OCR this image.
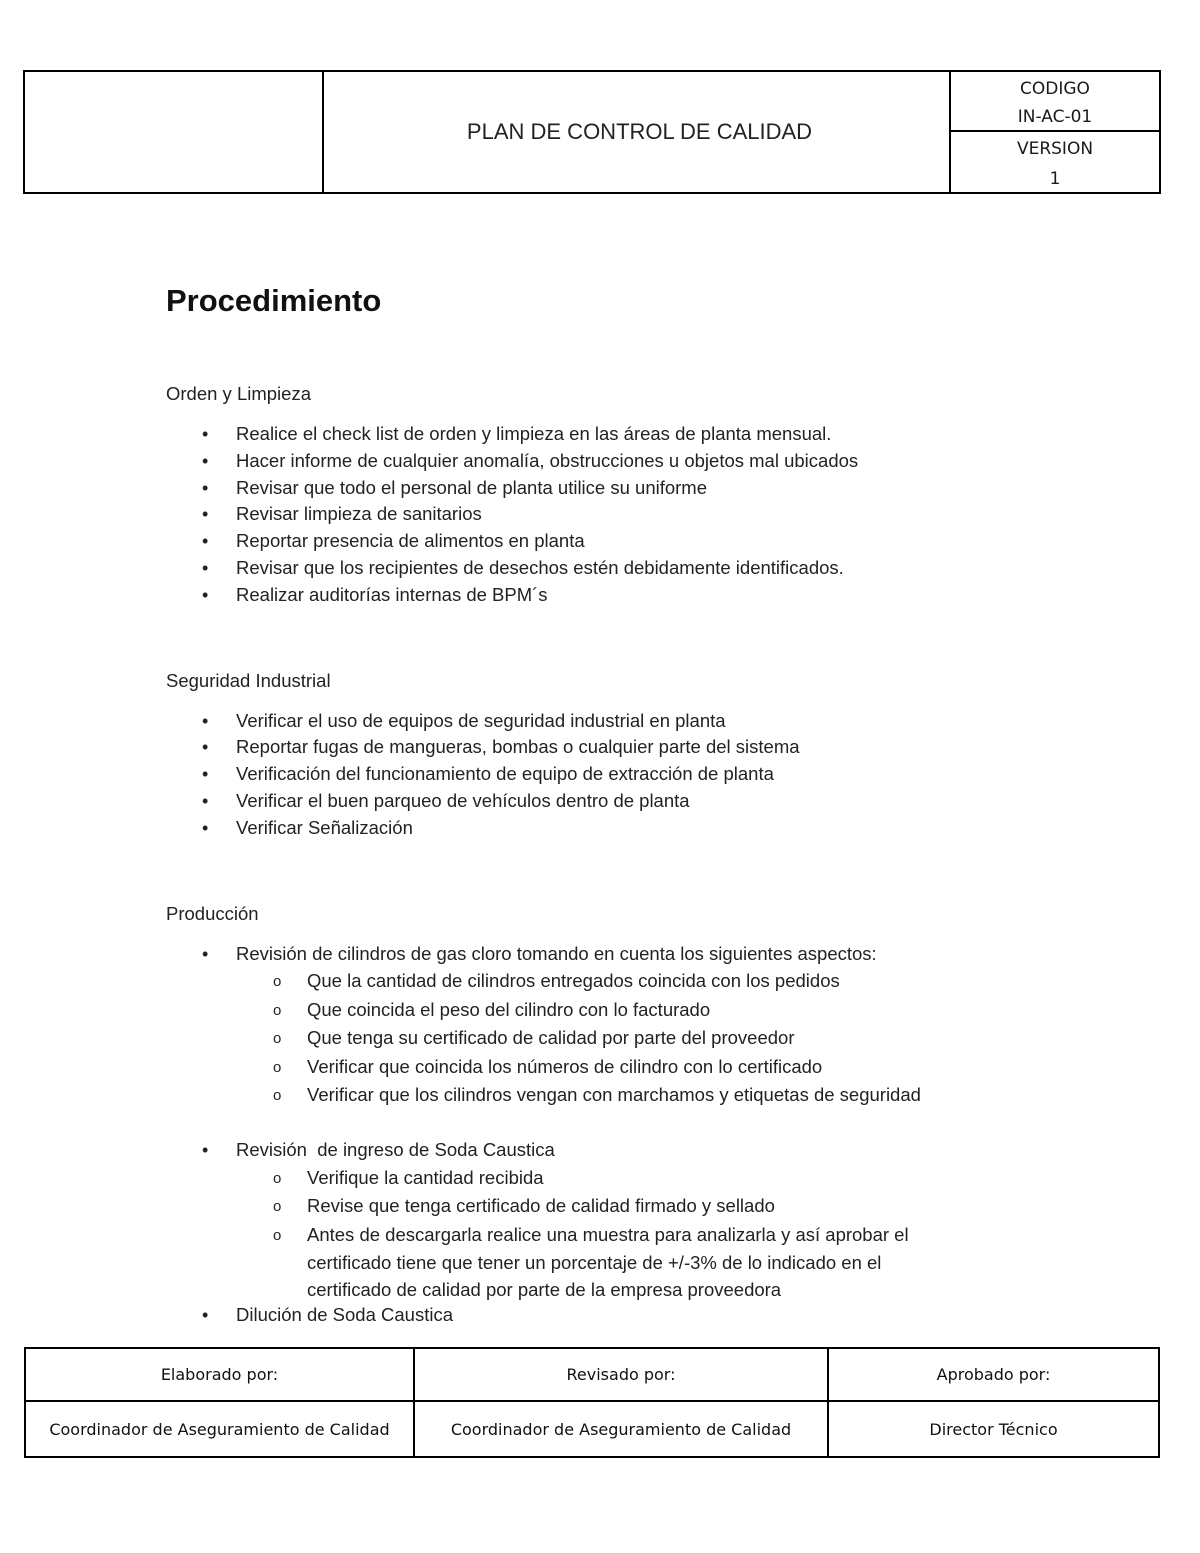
PLAN DE CONTROL DE CALIDAD
CODIGO
IN-AC-01
VERSION
1
Procedimiento

Orden y Limpieza

• Realice el check list de orden y limpieza en las áreas de planta mensual.
• Hacer informe de cualquier anomalía, obstrucciones u objetos mal ubicados
• Revisar que todo el personal de planta utilice su uniforme
• Revisar limpieza de sanitarios
• Reportar presencia de alimentos en planta
• Revisar que los recipientes de desechos estén debidamente identificados.
• Realizar auditorías internas de BPM´s

Seguridad Industrial

• Verificar el uso de equipos de seguridad industrial en planta
• Reportar fugas de mangueras, bombas o cualquier parte del sistema
• Verificación del funcionamiento de equipo de extracción de planta
• Verificar el buen parqueo de vehículos dentro de planta
• Verificar Señalización

Producción

• Revisión de cilindros de gas cloro tomando en cuenta los siguientes aspectos:
o Que la cantidad de cilindros entregados coincida con los pedidos
o Que coincida el peso del cilindro con lo facturado
o Que tenga su certificado de calidad por parte del proveedor
o Verificar que coincida los números de cilindro con lo certificado
o Verificar que los cilindros vengan con marchamos y etiquetas de seguridad
• Revisión  de ingreso de Soda Caustica
o Verifique la cantidad recibida
o Revise que tenga certificado de calidad firmado y sellado
o Antes de descargarla realice una muestra para analizarla y así aprobar el
certificado tiene que tener un porcentaje de +/-3% de lo indicado en el
certificado de calidad por parte de la empresa proveedora
• Dilución de Soda Caustica
Elaborado por:	Revisado por:	Aprobado por:
Coordinador de Aseguramiento de Calidad	Coordinador de Aseguramiento de Calidad	Director Técnico
